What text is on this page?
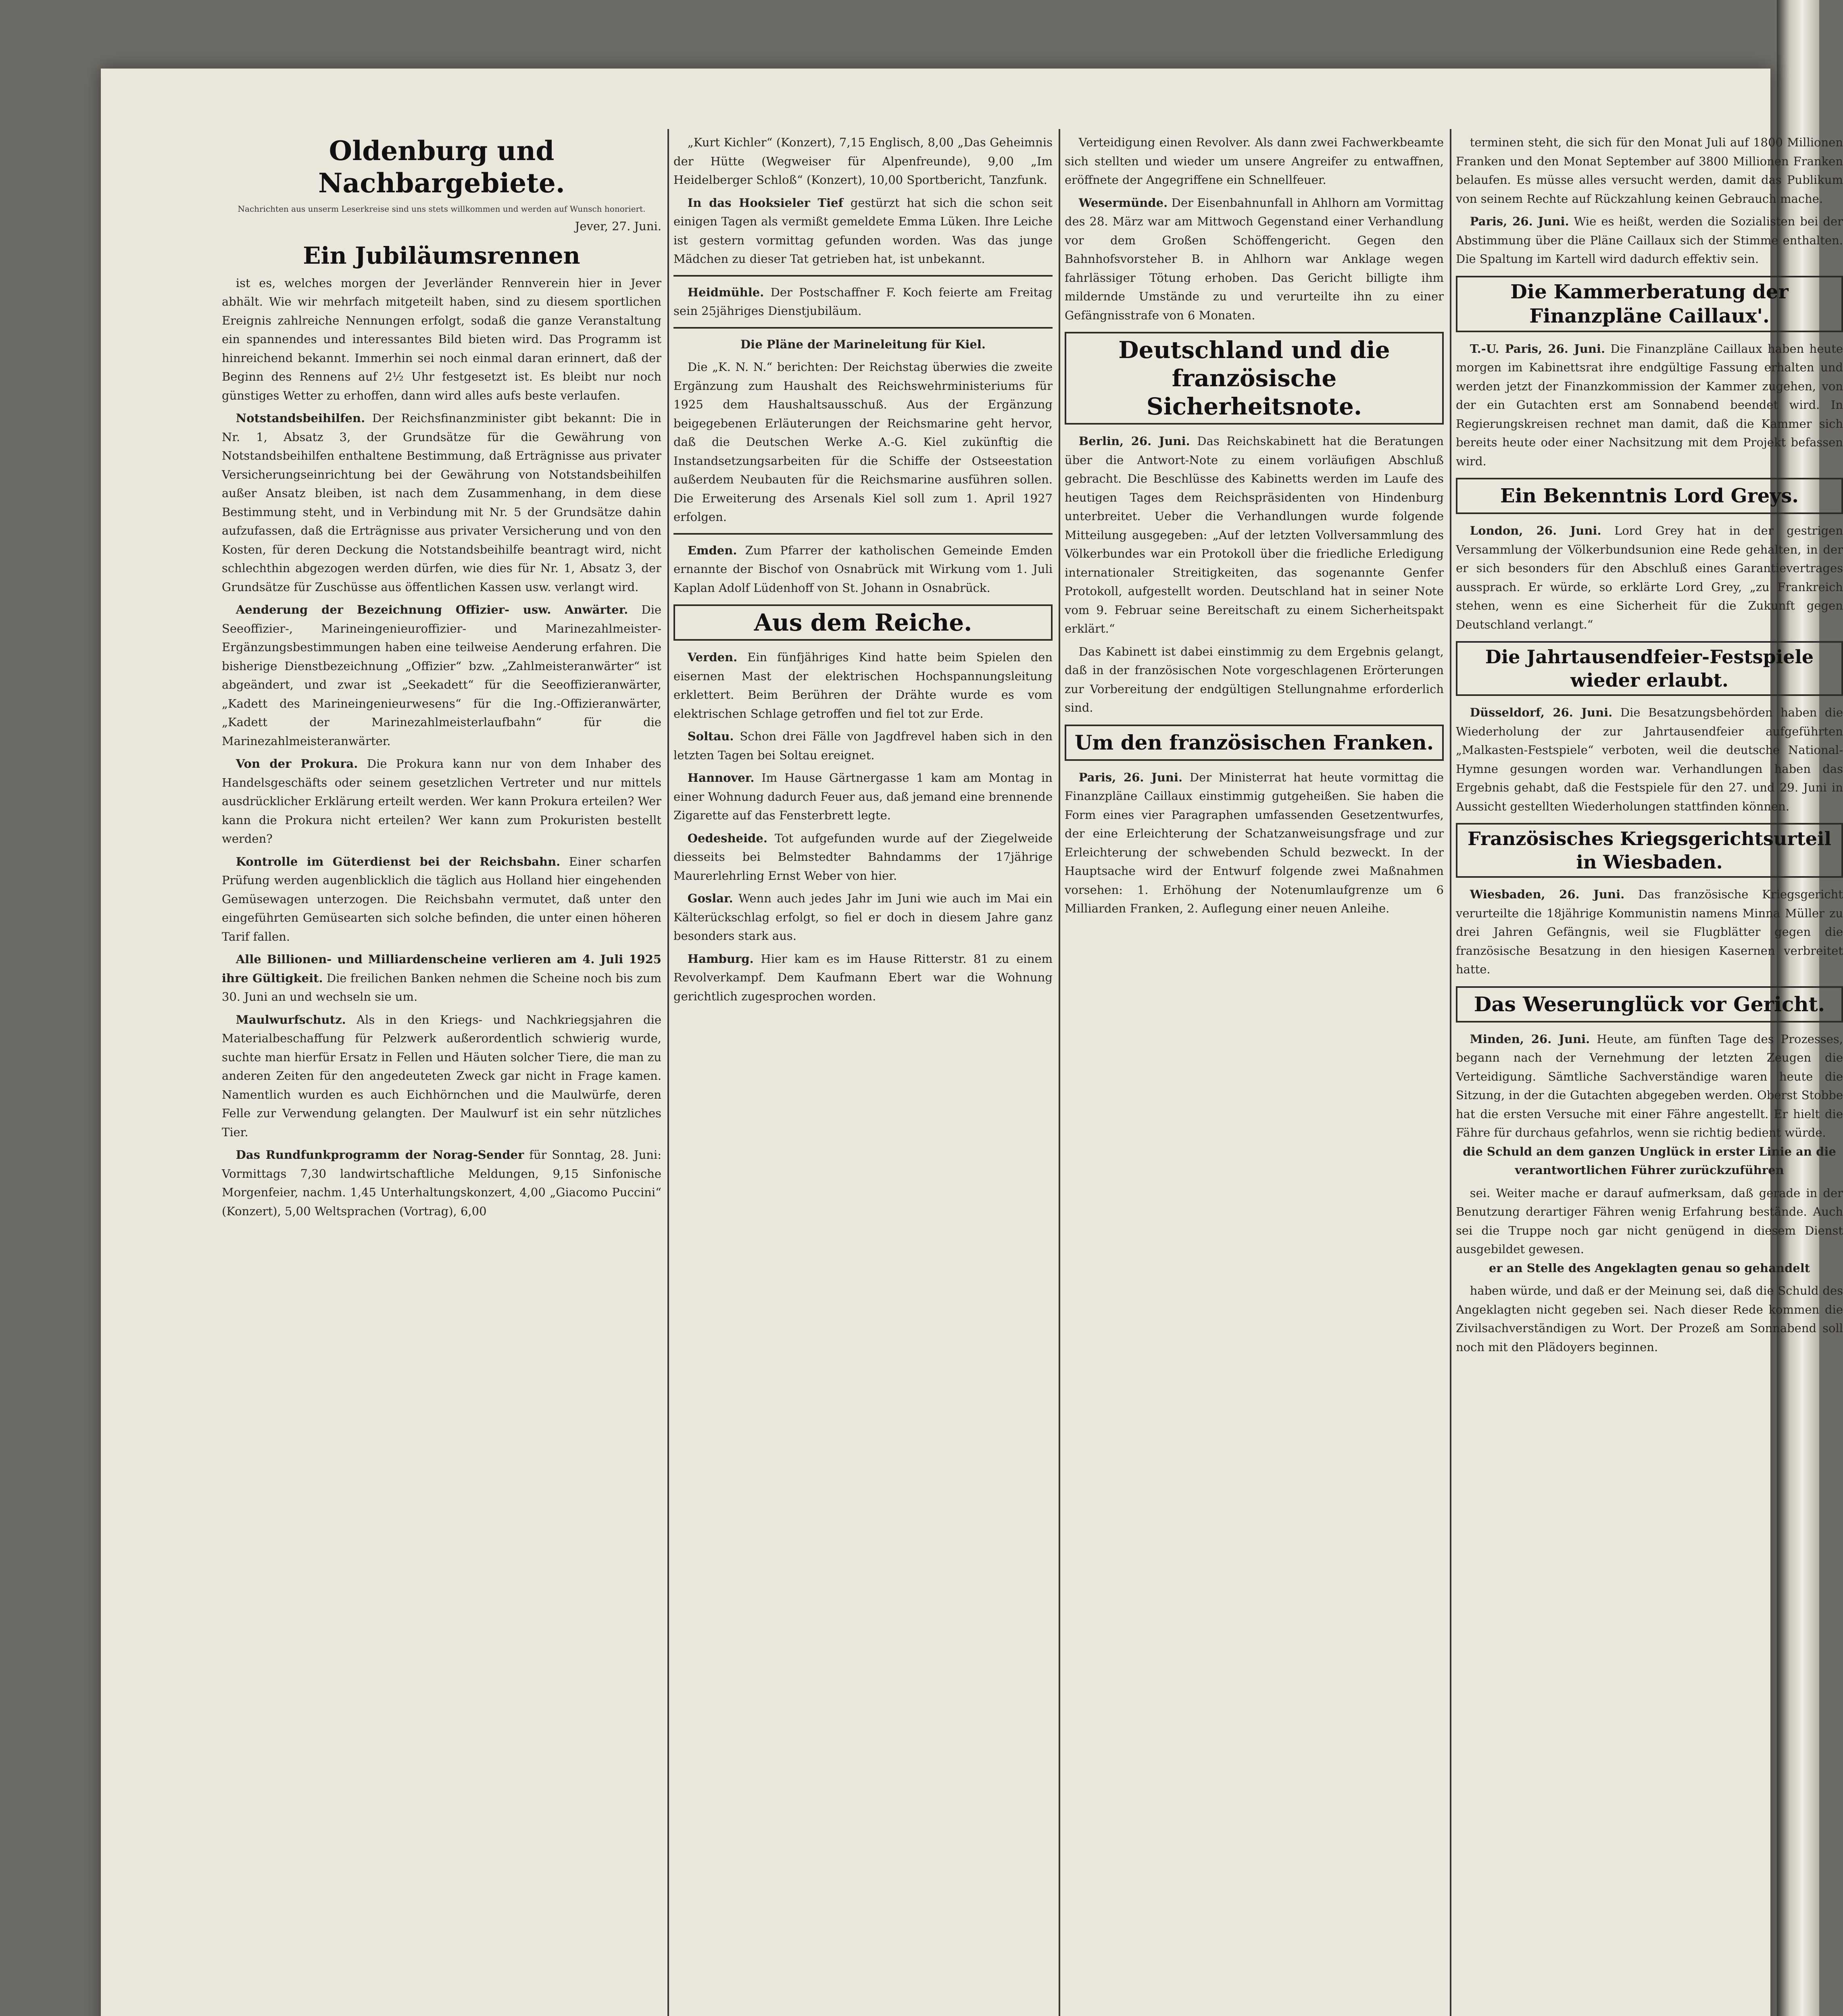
Oldenburg und Nachbargebiete.
Nachrichten aus unserm Leserkreise sind uns stets willkommen und werden auf Wunsch honoriert.
Jever, 27. Juni.
Ein Jubiläumsrennen
ist es, welches morgen der Jeverländer Rennverein hier in Jever abhält. Wie wir mehrfach mitgeteilt haben, sind zu diesem sportlichen Ereignis zahlreiche Nennungen erfolgt, sodaß die ganze Veranstaltung ein spannendes und interessantes Bild bieten wird. Das Programm ist hinreichend bekannt. Immerhin sei noch einmal daran erinnert, daß der Beginn des Rennens auf 2½ Uhr festgesetzt ist. Es bleibt nur noch günstiges Wetter zu erhoffen, dann wird alles aufs beste verlaufen.
Notstandsbeihilfen. Der Reichsfinanzminister gibt bekannt: Die in Nr. 1, Absatz 3, der Grundsätze für die Gewährung von Notstandsbeihilfen enthaltene Bestimmung, daß Erträgnisse aus privater Versicherungseinrichtung bei der Gewährung von Notstandsbeihilfen außer Ansatz bleiben, ist nach dem Zusammenhang, in dem diese Bestimmung steht, und in Verbindung mit Nr. 5 der Grundsätze dahin aufzufassen, daß die Erträgnisse aus privater Versicherung und von den Kosten, für deren Deckung die Notstandsbeihilfe beantragt wird, nicht schlechthin abgezogen werden dürfen, wie dies für Nr. 1, Absatz 3, der Grundsätze für Zuschüsse aus öffentlichen Kassen usw. verlangt wird.
Aenderung der Bezeichnung Offizier- usw. Anwärter. Die Seeoffizier-, Marineingenieuroffizier- und Marinezahlmeister-Ergänzungsbestimmungen haben eine teilweise Aenderung erfahren. Die bisherige Dienstbezeichnung „Offizier“ bzw. „Zahlmeisteranwärter“ ist abgeändert, und zwar ist „Seekadett“ für die Seeoffizieranwärter, „Kadett des Marineingenieurwesens“ für die Ing.-Offizieranwärter, „Kadett der Marinezahlmeisterlaufbahn“ für die Marinezahlmeisteranwärter.
Von der Prokura. Die Prokura kann nur von dem Inhaber des Handelsgeschäfts oder seinem gesetzlichen Vertreter und nur mittels ausdrücklicher Erklärung erteilt werden. Wer kann Prokura erteilen? Wer kann die Prokura nicht erteilen? Wer kann zum Prokuristen bestellt werden?
Kontrolle im Güterdienst bei der Reichsbahn. Einer scharfen Prüfung werden augenblicklich die täglich aus Holland hier eingehenden Gemüsewagen unterzogen. Die Reichsbahn vermutet, daß unter den eingeführten Gemüsearten sich solche befinden, die unter einen höheren Tarif fallen.
Alle Billionen- und Milliardenscheine verlieren am 4. Juli 1925 ihre Gültigkeit. Die freilichen Banken nehmen die Scheine noch bis zum 30. Juni an und wechseln sie um.
Maulwurfschutz. Als in den Kriegs- und Nachkriegsjahren die Materialbeschaffung für Pelzwerk außerordentlich schwierig wurde, suchte man hierfür Ersatz in Fellen und Häuten solcher Tiere, die man zu anderen Zeiten für den angedeuteten Zweck gar nicht in Frage kamen. Namentlich wurden es auch Eichhörnchen und die Maulwürfe, deren Felle zur Verwendung gelangten. Der Maulwurf ist ein sehr nützliches Tier.
Das Rundfunkprogramm der Norag-Sender für Sonntag, 28. Juni: Vormittags 7,30 landwirtschaftliche Meldungen, 9,15 Sinfonische Morgenfeier, nachm. 1,45 Unterhaltungskonzert, 4,00 „Giacomo Puccini“ (Konzert), 5,00 Weltsprachen (Vortrag), 6,00
„Kurt Kichler“ (Konzert), 7,15 Englisch, 8,00 „Das Geheimnis der Hütte (Wegweiser für Alpenfreunde), 9,00 „Im Heidelberger Schloß“ (Konzert), 10,00 Sportbericht, Tanzfunk.
In das Hooksieler Tief gestürzt hat sich die schon seit einigen Tagen als vermißt gemeldete Emma Lüken. Ihre Leiche ist gestern vormittag gefunden worden. Was das junge Mädchen zu dieser Tat getrieben hat, ist unbekannt.
Heidmühle. Der Postschaffner F. Koch feierte am Freitag sein 25jähriges Dienstjubiläum.
Die Pläne der Marineleitung für Kiel.
Die „K. N. N.“ berichten: Der Reichstag überwies die zweite Ergänzung zum Haushalt des Reichswehrministeriums für 1925 dem Haushaltsausschuß. Aus der Ergänzung beigegebenen Erläuterungen der Reichsmarine geht hervor, daß die Deutschen Werke A.-G. Kiel zukünftig die Instandsetzungsarbeiten für die Schiffe der Ostseestation außerdem Neubauten für die Reichsmarine ausführen sollen. Die Erweiterung des Arsenals Kiel soll zum 1. April 1927 erfolgen.
Emden. Zum Pfarrer der katholischen Gemeinde Emden ernannte der Bischof von Osnabrück mit Wirkung vom 1. Juli Kaplan Adolf Lüdenhoff von St. Johann in Osnabrück.
Aus dem Reiche.
Verden. Ein fünfjähriges Kind hatte beim Spielen den eisernen Mast der elektrischen Hochspannungsleitung erklettert. Beim Berühren der Drähte wurde es vom elektrischen Schlage getroffen und fiel tot zur Erde.
Soltau. Schon drei Fälle von Jagdfrevel haben sich in den letzten Tagen bei Soltau ereignet.
Hannover. Im Hause Gärtnergasse 1 kam am Montag in einer Wohnung dadurch Feuer aus, daß jemand eine brennende Zigarette auf das Fensterbrett legte.
Oedesheide. Tot aufgefunden wurde auf der Ziegelweide diesseits bei Belmstedter Bahndamms der 17jährige Maurerlehrling Ernst Weber von hier.
Goslar. Wenn auch jedes Jahr im Juni wie auch im Mai ein Kälterückschlag erfolgt, so fiel er doch in diesem Jahre ganz besonders stark aus.
Hamburg. Hier kam es im Hause Ritterstr. 81 zu einem Revolverkampf. Dem Kaufmann Ebert war die Wohnung gerichtlich zugesprochen worden.
Verteidigung einen Revolver. Als dann zwei Fachwerkbeamte sich stellten und wieder um unsere Angreifer zu entwaffnen, eröffnete der Angegriffene ein Schnellfeuer.
Wesermünde. Der Eisenbahnunfall in Ahlhorn am Vormittag des 28. März war am Mittwoch Gegenstand einer Verhandlung vor dem Großen Schöffengericht. Gegen den Bahnhofsvorsteher B. in Ahlhorn war Anklage wegen fahrlässiger Tötung erhoben. Das Gericht billigte ihm mildernde Umstände zu und verurteilte ihn zu einer Gefängnisstrafe von 6 Monaten.
Deutschland und die französische Sicherheitsnote.
Berlin, 26. Juni. Das Reichskabinett hat die Beratungen über die Antwort-Note zu einem vorläufigen Abschluß gebracht. Die Beschlüsse des Kabinetts werden im Laufe des heutigen Tages dem Reichspräsidenten von Hindenburg unterbreitet. Ueber die Verhandlungen wurde folgende Mitteilung ausgegeben: „Auf der letzten Vollversammlung des Völkerbundes war ein Protokoll über die friedliche Erledigung internationaler Streitigkeiten, das sogenannte Genfer Protokoll, aufgestellt worden. Deutschland hat in seiner Note vom 9. Februar seine Bereitschaft zu einem Sicherheitspakt erklärt.“
Das Kabinett ist dabei einstimmig zu dem Ergebnis gelangt, daß in der französischen Note vorgeschlagenen Erörterungen zur Vorbereitung der endgültigen Stellungnahme erforderlich sind.
Um den französischen Franken.
Paris, 26. Juni. Der Ministerrat hat heute vormittag die Finanzpläne Caillaux einstimmig gutgeheißen. Sie haben die Form eines vier Paragraphen umfassenden Gesetzentwurfes, der eine Erleichterung der Schatzanweisungsfrage und zur Erleichterung der schwebenden Schuld bezweckt. In der Hauptsache wird der Entwurf folgende zwei Maßnahmen vorsehen: 1. Erhöhung der Notenumlaufgrenze um 6 Milliarden Franken, 2. Auflegung einer neuen Anleihe.
terminen steht, die sich für den Monat Juli auf 1800 Millionen Franken und den Monat September auf 3800 Millionen Franken belaufen. Es müsse alles versucht werden, damit das Publikum von seinem Rechte auf Rückzahlung keinen Gebrauch mache.
Paris, 26. Juni. Wie es heißt, werden die Sozialisten bei der Abstimmung über die Pläne Caillaux sich der Stimme enthalten. Die Spaltung im Kartell wird dadurch effektiv sein.
Die Kammerberatung der Finanzpläne Caillaux'.
T.-U. Paris, 26. Juni. Die Finanzpläne Caillaux haben heute morgen im Kabinettsrat ihre endgültige Fassung erhalten und werden jetzt der Finanzkommission der Kammer zugehen, von der ein Gutachten erst am Sonnabend beendet wird. In Regierungskreisen rechnet man damit, daß die Kammer sich bereits heute oder einer Nachsitzung mit dem Projekt befassen wird.
Ein Bekenntnis Lord Greys.
London, 26. Juni. Lord Grey hat in der gestrigen Versammlung der Völkerbundsunion eine Rede gehalten, in der er sich besonders für den Abschluß eines Garantievertrages aussprach. Er würde, so erklärte Lord Grey, „zu Frankreich stehen, wenn es eine Sicherheit für die Zukunft gegen Deutschland verlangt.“
Die Jahrtausendfeier-Festspiele wieder erlaubt.
Düsseldorf, 26. Juni. Die Besatzungsbehörden haben die Wiederholung der zur Jahrtausendfeier aufgeführten „Malkasten-Festspiele“ verboten, weil die deutsche National-Hymne gesungen worden war. Verhandlungen haben das Ergebnis gehabt, daß die Festspiele für den 27. und 29. Juni in Aussicht gestellten Wiederholungen stattfinden können.
Französisches Kriegsgerichtsurteil in Wiesbaden.
Wiesbaden, 26. Juni. Das französische Kriegsgericht verurteilte die 18jährige Kommunistin namens Minna Müller zu drei Jahren Gefängnis, weil sie Flugblätter gegen die französische Besatzung in den hiesigen Kasernen verbreitet hatte.
Das Weserunglück vor Gericht.
Minden, 26. Juni. Heute, am fünften Tage des Prozesses, begann nach der Vernehmung der letzten Zeugen die Verteidigung. Sämtliche Sachverständige waren heute die Sitzung, in der die Gutachten abgegeben werden. Oberst Stobbe hat die ersten Versuche mit einer Fähre angestellt. Er hielt die Fähre für durchaus gefahrlos, wenn sie richtig bedient würde.
die Schuld an dem ganzen Unglück in erster Linie an die verantwortlichen Führer zurückzuführen
sei. Weiter mache er darauf aufmerksam, daß gerade in der Benutzung derartiger Fähren wenig Erfahrung bestände. Auch sei die Truppe noch gar nicht genügend in diesem Dienst ausgebildet gewesen.
er an Stelle des Angeklagten genau so gehandelt
haben würde, und daß er der Meinung sei, daß die Schuld des Angeklagten nicht gegeben sei. Nach dieser Rede kommen die Zivilsachverständigen zu Wort. Der Prozeß am Sonnabend soll noch mit den Plädoyers beginnen.
